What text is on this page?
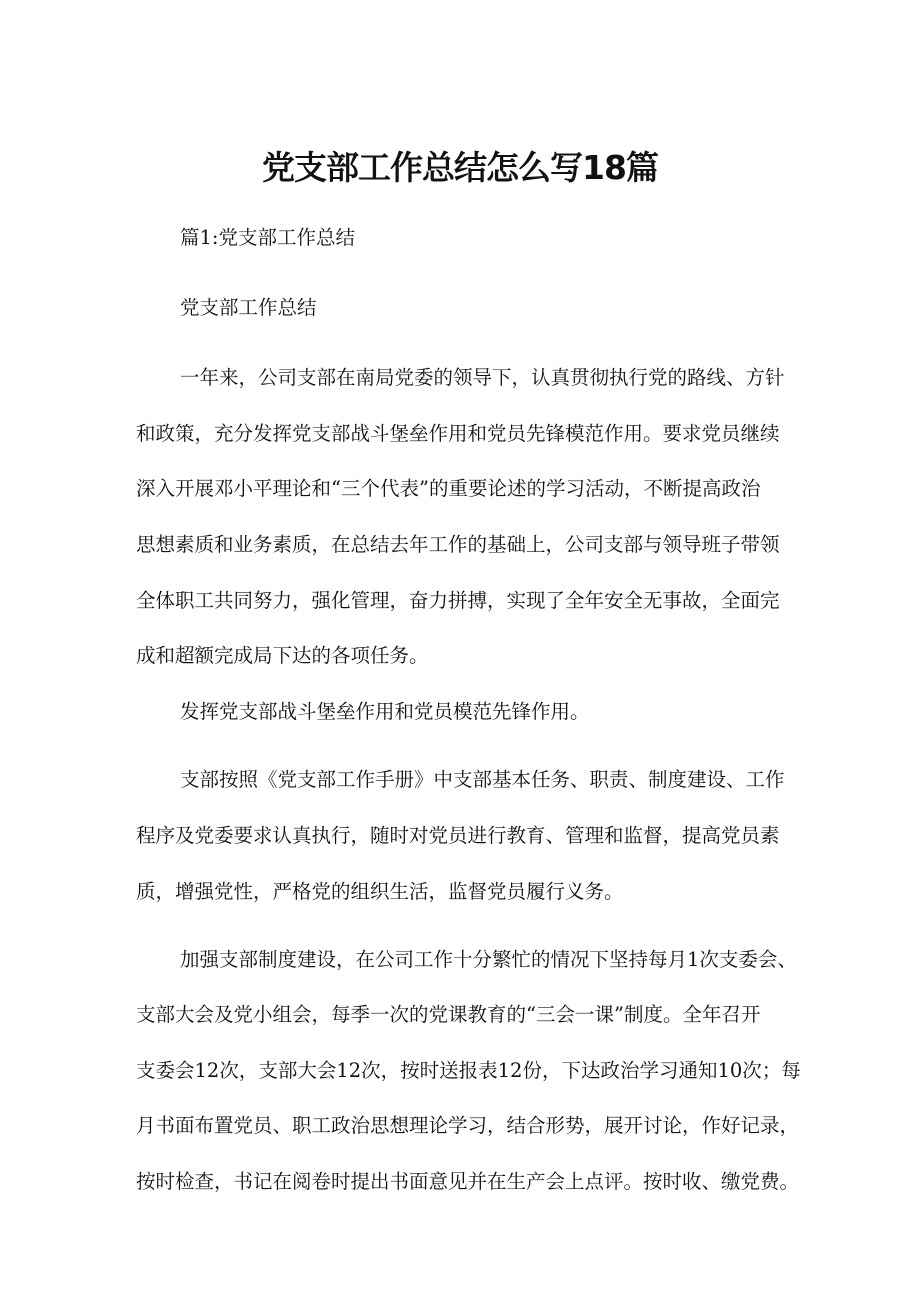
党支部工作总结怎么写18篇

篇1:党支部工作总结

党支部工作总结

一年来，公司支部在南局党委的领导下，认真贯彻执行党的路线、方针

和政策，充分发挥党支部战斗堡垒作用和党员先锋模范作用。要求党员继续

深入开展邓小平理论和“三个代表”的重要论述的学习活动，不断提高政治

思想素质和业务素质，在总结去年工作的基础上，公司支部与领导班子带领

全体职工共同努力，强化管理，奋力拼搏，实现了全年安全无事故，全面完

成和超额完成局下达的各项任务。

发挥党支部战斗堡垒作用和党员模范先锋作用。

支部按照《党支部工作手册》中支部基本任务、职责、制度建设、工作

程序及党委要求认真执行，随时对党员进行教育、管理和监督，提高党员素

质，增强党性，严格党的组织生活，监督党员履行义务。

加强支部制度建设，在公司工作十分繁忙的情况下坚持每月1次支委会、

支部大会及党小组会，每季一次的党课教育的“三会一课”制度。全年召开

支委会12次，支部大会12次，按时送报表12份，下达政治学习通知10次；每

月书面布置党员、职工政治思想理论学习，结合形势，展开讨论，作好记录，

按时检查，书记在阅卷时提出书面意见并在生产会上点评。按时收、缴党费。
